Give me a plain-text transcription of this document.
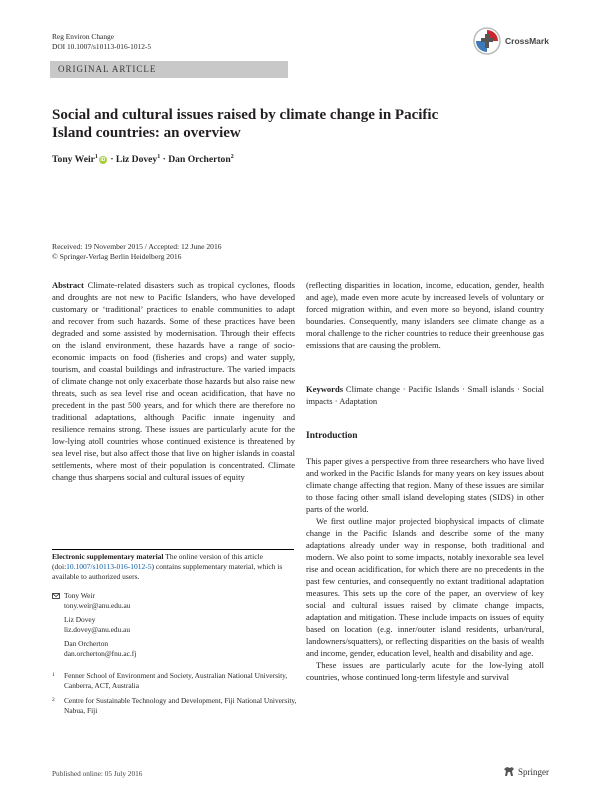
Reg Environ Change
DOI 10.1007/s10113-016-1012-5
CrossMark
ORIGINAL ARTICLE
Social and cultural issues raised by climate change in Pacific
Island countries: an overview
Tony Weir$^1$iD · Liz Dovey$^1$ · Dan Orcherton$^2$
Received: 19 November 2015 / Accepted: 12 June 2016
© Springer-Verlag Berlin Heidelberg 2016
Abstract Climate-related disasters such as tropical cyclones, floods and droughts are not new to Pacific Islanders, who have developed customary or ‘traditional’ practices to enable communities to adapt and recover from such hazards. Some of these practices have been degraded and some assisted by modernisation. Through their effects on the island environment, these hazards have a range of socio-economic impacts on food (fisheries and crops) and water supply, tourism, and coastal buildings and infrastructure. The varied impacts of climate change not only exacerbate those hazards but also raise new threats, such as sea level rise and ocean acidification, that have no precedent in the past 500 years, and for which there are therefore no traditional adaptations, although Pacific innate ingenuity and resilience remains strong. These issues are particularly acute for the low-lying atoll countries whose continued existence is threatened by sea level rise, but also affect those that live on higher islands in coastal settlements, where most of their population is concentrated. Climate change thus sharpens social and cultural issues of equity
(reflecting disparities in location, income, education, gender, health and age), made even more acute by increased levels of voluntary or forced migration within, and even more so beyond, island country boundaries. Consequently, many islanders see climate change as a moral challenge to the richer countries to reduce their greenhouse gas emissions that are causing the problem.
Keywords Climate change · Pacific Islands · Small islands · Social impacts · Adaptation
Introduction

This paper gives a perspective from three researchers who have lived and worked in the Pacific Islands for many years on key issues about climate change affecting that region. Many of these issues are similar to those facing other small island developing states (SIDS) in other parts of the world.

We first outline major projected biophysical impacts of climate change in the Pacific Islands and describe some of the many adaptations already under way in response, both traditional and modern. We also point to some impacts, notably inexorable sea level rise and ocean acidification, for which there are no precedents in the past few centuries, and consequently no extant traditional adaptation measures. This sets up the core of the paper, an overview of key social and cultural issues raised by climate change impacts, adaptation and mitigation. These include impacts on issues of equity based on location (e.g. inner/outer island residents, urban/rural, landowners/squatters), or reflecting disparities on the basis of wealth and income, gender, education level, health and disability and age.

These issues are particularly acute for the low-lying atoll countries, whose continued long-term lifestyle and survival

Electronic supplementary material The online version of this article (doi:10.1007/s10113-016-1012-5) contains supplementary material, which is available to authorized users.
Tony Weir
tony.weir@anu.edu.au
Liz Dovey
liz.dovey@anu.edu.au
Dan Orcherton
dan.orcherton@fnu.ac.fj
1 Fenner School of Environment and Society, Australian National University, Canberra, ACT, Australia
2 Centre for Sustainable Technology and Development, Fiji National University, Nabua, Fiji
Published online: 05 July 2016	Springer
